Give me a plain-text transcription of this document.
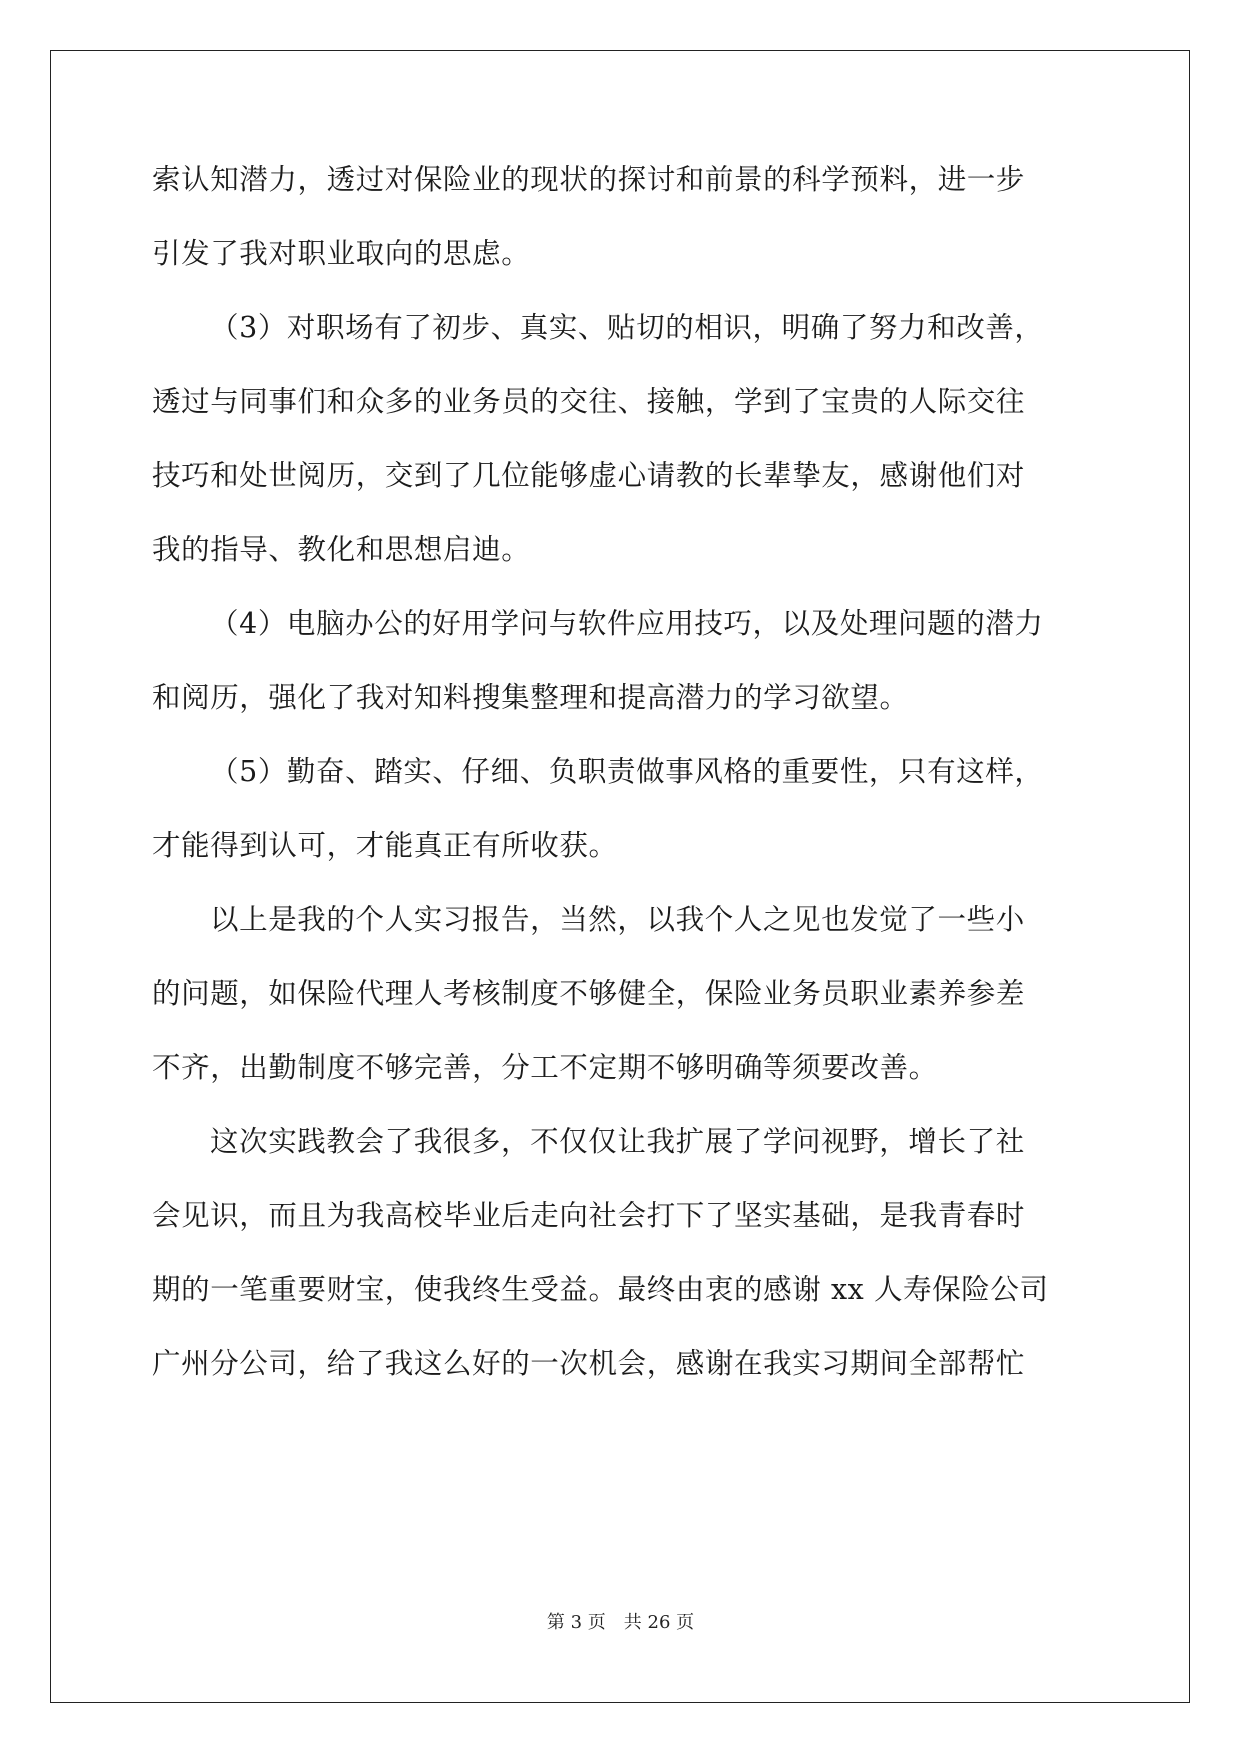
索认知潜力，透过对保险业的现状的探讨和前景的科学预料，进一步
引发了我对职业取向的思虑。
（3）对职场有了初步、真实、贴切的相识，明确了努力和改善，
透过与同事们和众多的业务员的交往、接触，学到了宝贵的人际交往
技巧和处世阅历，交到了几位能够虚心请教的长辈挚友，感谢他们对
我的指导、教化和思想启迪。
（4）电脑办公的好用学问与软件应用技巧，以及处理问题的潜力
和阅历，强化了我对知料搜集整理和提高潜力的学习欲望。
（5）勤奋、踏实、仔细、负职责做事风格的重要性，只有这样，
才能得到认可，才能真正有所收获。
以上是我的个人实习报告，当然，以我个人之见也发觉了一些小
的问题，如保险代理人考核制度不够健全，保险业务员职业素养参差
不齐，出勤制度不够完善，分工不定期不够明确等须要改善。
这次实践教会了我很多，不仅仅让我扩展了学问视野，增长了社
会见识，而且为我高校毕业后走向社会打下了坚实基础，是我青春时
期的一笔重要财宝，使我终生受益。最终由衷的感谢 xx 人寿保险公司
广州分公司，给了我这么好的一次机会，感谢在我实习期间全部帮忙
第 3 页 共 26 页
